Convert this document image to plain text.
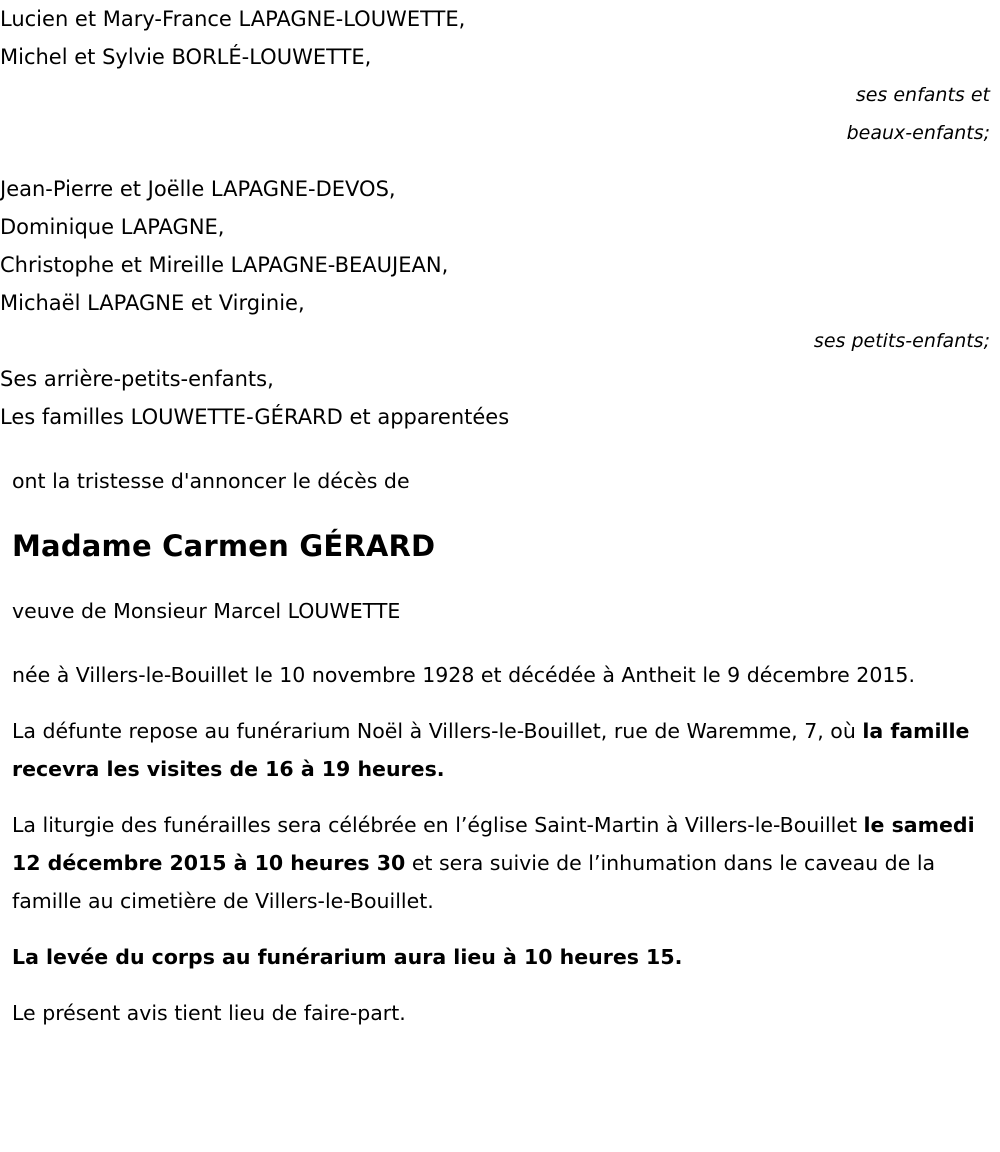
Lucien et Mary-France LAPAGNE-LOUWETTE,
Michel et Sylvie BORLÉ-LOUWETTE,
ses enfants et
beaux-enfants;
Jean-Pierre et Joëlle LAPAGNE-DEVOS,
Dominique LAPAGNE,
Christophe et Mireille LAPAGNE-BEAUJEAN,
Michaël LAPAGNE et Virginie,
ses petits-enfants;
Ses arrière-petits-enfants,
Les familles LOUWETTE-GÉRARD et apparentées
ont la tristesse d'annoncer le décès de
Madame Carmen GÉRARD
veuve de Monsieur Marcel LOUWETTE
née à Villers-le-Bouillet le 10 novembre 1928 et décédée à Antheit le 9 décembre 2015.
La défunte repose au funérarium Noël à Villers-le-Bouillet, rue de Waremme, 7, où la famille recevra les visites de 16 à 19 heures.
La liturgie des funérailles sera célébrée en l’église Saint-Martin à Villers-le-Bouillet le samedi 12 décembre 2015 à 10 heures 30 et sera suivie de l’inhumation dans le caveau de la famille au cimetière de Villers-le-Bouillet.
La levée du corps au funérarium aura lieu à 10 heures 15.
Le présent avis tient lieu de faire-part.
